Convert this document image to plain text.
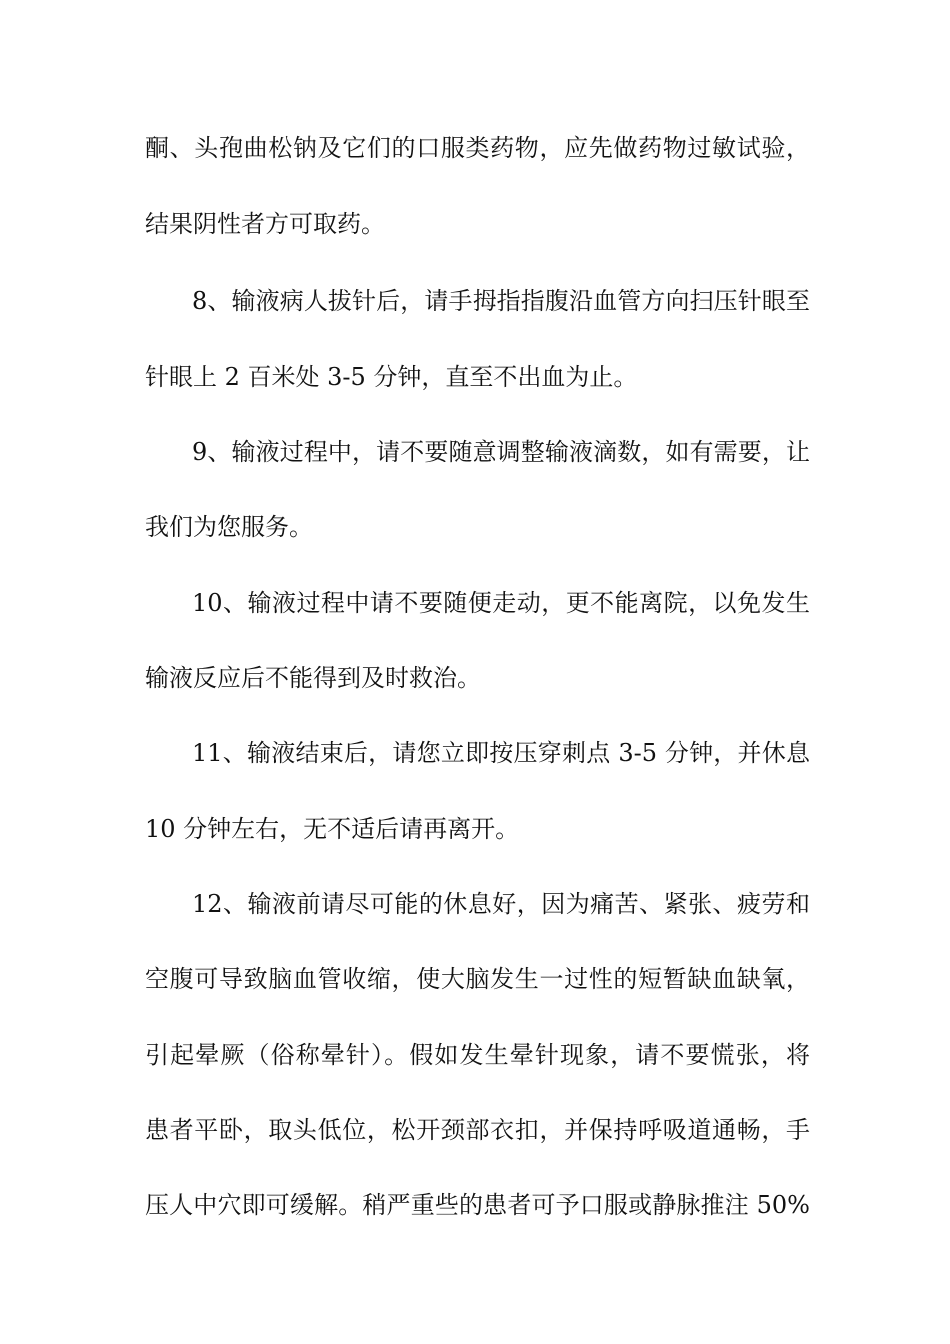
酮、头孢曲松钠及它们的口服类药物，应先做药物过敏试验，
结果阴性者方可取药。
8、输液病人拔针后，请手拇指指腹沿血管方向扫压针眼至
针眼上 2 百米处 3-5 分钟，直至不出血为止。
9、输液过程中，请不要随意调整输液滴数，如有需要，让
我们为您服务。
10、输液过程中请不要随便走动，更不能离院，以免发生
输液反应后不能得到及时救治。
11、输液结束后，请您立即按压穿刺点 3-5 分钟，并休息
10 分钟左右，无不适后请再离开。
12、输液前请尽可能的休息好，因为痛苦、紧张、疲劳和
空腹可导致脑血管收缩，使大脑发生一过性的短暂缺血缺氧，
引起晕厥（俗称晕针）。假如发生晕针现象，请不要慌张，将
患者平卧，取头低位，松开颈部衣扣，并保持呼吸道通畅，手
压人中穴即可缓解。稍严重些的患者可予口服或静脉推注 50%
